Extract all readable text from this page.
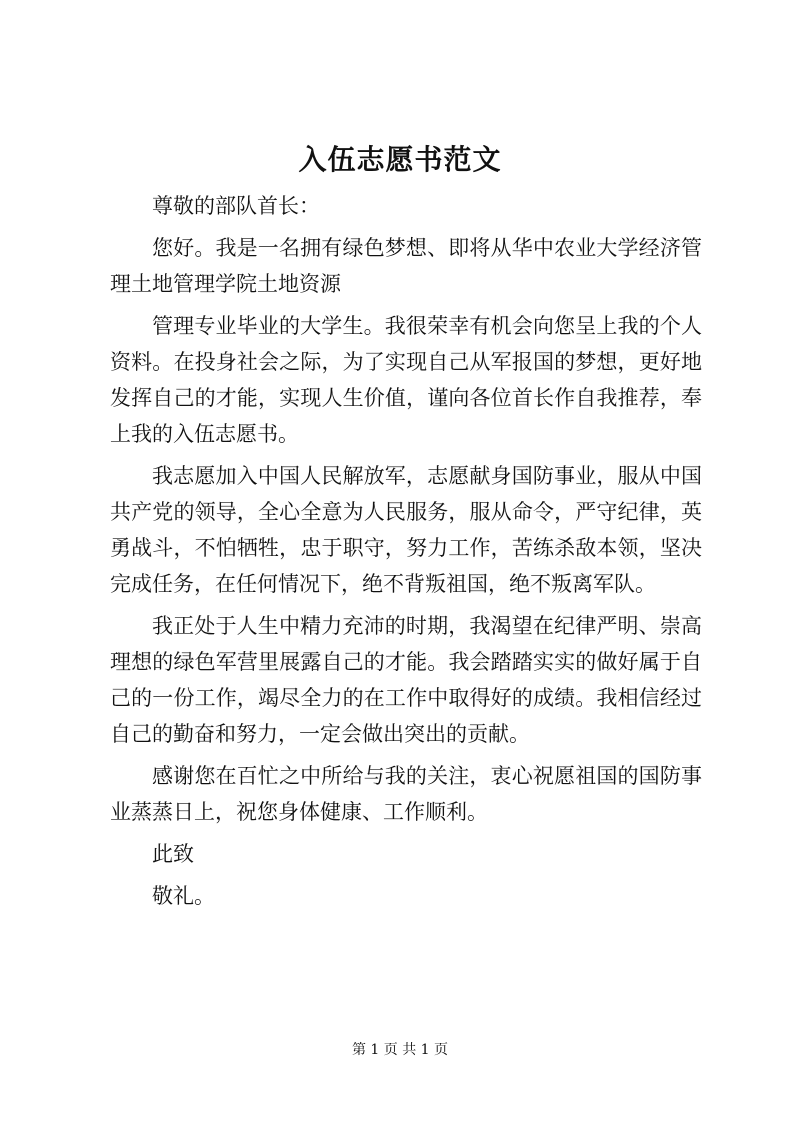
入伍志愿书范文

尊敬的部队首长：

您好。我是一名拥有绿色梦想、即将从华中农业大学经济管理土地管理学院土地资源

管理专业毕业的大学生。我很荣幸有机会向您呈上我的个人资料。在投身社会之际，为了实现自己从军报国的梦想，更好地发挥自己的才能，实现人生价值，谨向各位首长作自我推荐，奉上我的入伍志愿书。

我志愿加入中国人民解放军，志愿献身国防事业，服从中国共产党的领导，全心全意为人民服务，服从命令，严守纪律，英勇战斗，不怕牺牲，忠于职守，努力工作，苦练杀敌本领，坚决完成任务，在任何情况下，绝不背叛祖国，绝不叛离军队。

我正处于人生中精力充沛的时期，我渴望在纪律严明、崇高理想的绿色军营里展露自己的才能。我会踏踏实实的做好属于自己的一份工作，竭尽全力的在工作中取得好的成绩。我相信经过自己的勤奋和努力，一定会做出突出的贡献。

感谢您在百忙之中所给与我的关注，衷心祝愿祖国的国防事业蒸蒸日上，祝您身体健康、工作顺利。

此致

敬礼。

第 1 页 共 1 页
